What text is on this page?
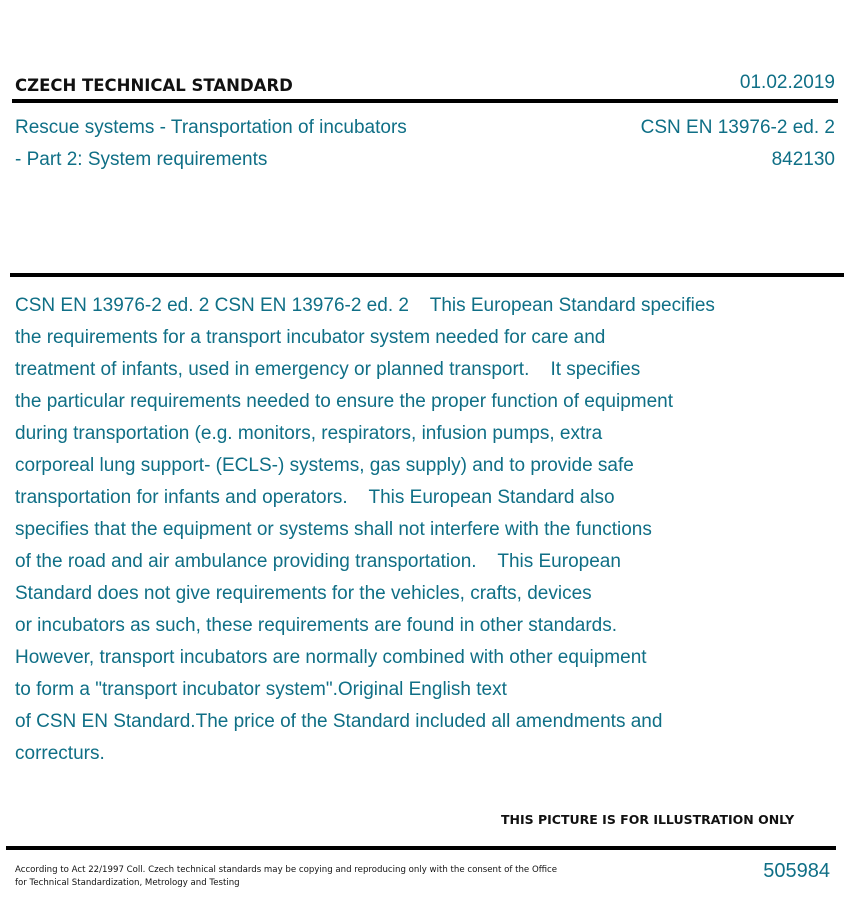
CZECH TECHNICAL STANDARD	01.02.2019
Rescue systems - Transportation of incubators
- Part 2: System requirements
CSN EN 13976-2 ed. 2
842130
CSN EN 13976-2 ed. 2 CSN EN 13976-2 ed. 2    This European Standard specifies
the requirements for a transport incubator system needed for care and
treatment of infants, used in emergency or planned transport.    It specifies
the particular requirements needed to ensure the proper function of equipment
during transportation (e.g. monitors, respirators, infusion pumps, extra
corporeal lung support- (ECLS-) systems, gas supply) and to provide safe
transportation for infants and operators.    This European Standard also
specifies that the equipment or systems shall not interfere with the functions
of the road and air ambulance providing transportation.    This European
Standard does not give requirements for the vehicles, crafts, devices
or incubators as such, these requirements are found in other standards.
However, transport incubators are normally combined with other equipment
to form a "transport incubator system".Original English text
of CSN EN Standard.The price of the Standard included all amendments and
correcturs.
THIS PICTURE IS FOR ILLUSTRATION ONLY
According to Act 22/1997 Coll. Czech technical standards may be copying and reproducing only with the consent of the Office
for Technical Standardization, Metrology and Testing
505984
